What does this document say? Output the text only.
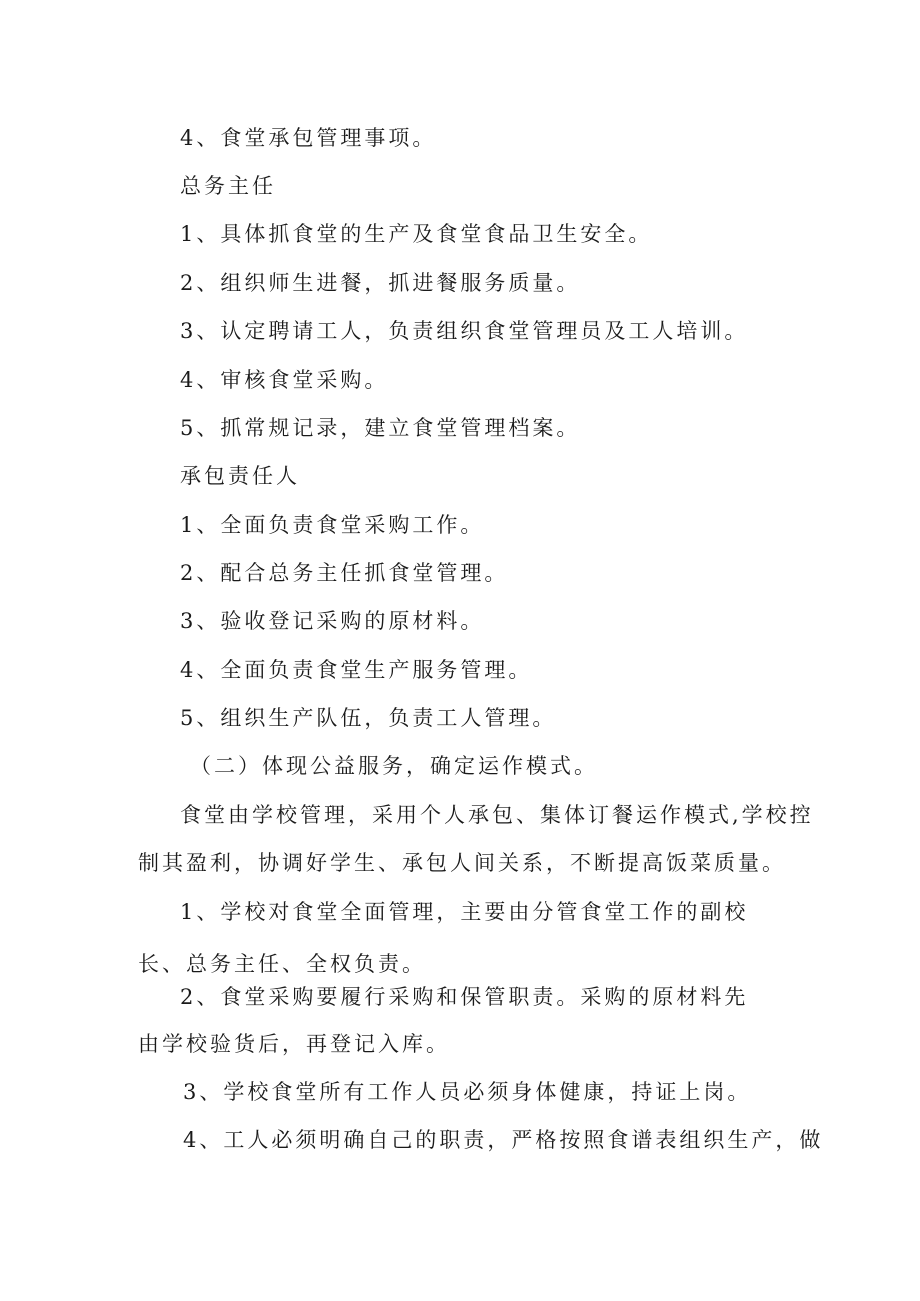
4、食堂承包管理事项。
总务主任
1、具体抓食堂的生产及食堂食品卫生安全。
2、组织师生进餐，抓进餐服务质量。
3、认定聘请工人，负责组织食堂管理员及工人培训。
4、审核食堂采购。
5、抓常规记录，建立食堂管理档案。
承包责任人
1、全面负责食堂采购工作。
2、配合总务主任抓食堂管理。
3、验收登记采购的原材料。
4、全面负责食堂生产服务管理。
5、组织生产队伍，负责工人管理。
（二）体现公益服务，确定运作模式。
食堂由学校管理，采用个人承包、集体订餐运作模式,学校控
制其盈利，协调好学生、承包人间关系，不断提高饭菜质量。
1、学校对食堂全面管理，主要由分管食堂工作的副校
长、总务主任、全权负责。
2、食堂采购要履行采购和保管职责。采购的原材料先
由学校验货后，再登记入库。
3、学校食堂所有工作人员必须身体健康，持证上岗。
4、工人必须明确自己的职责，严格按照食谱表组织生产，做
